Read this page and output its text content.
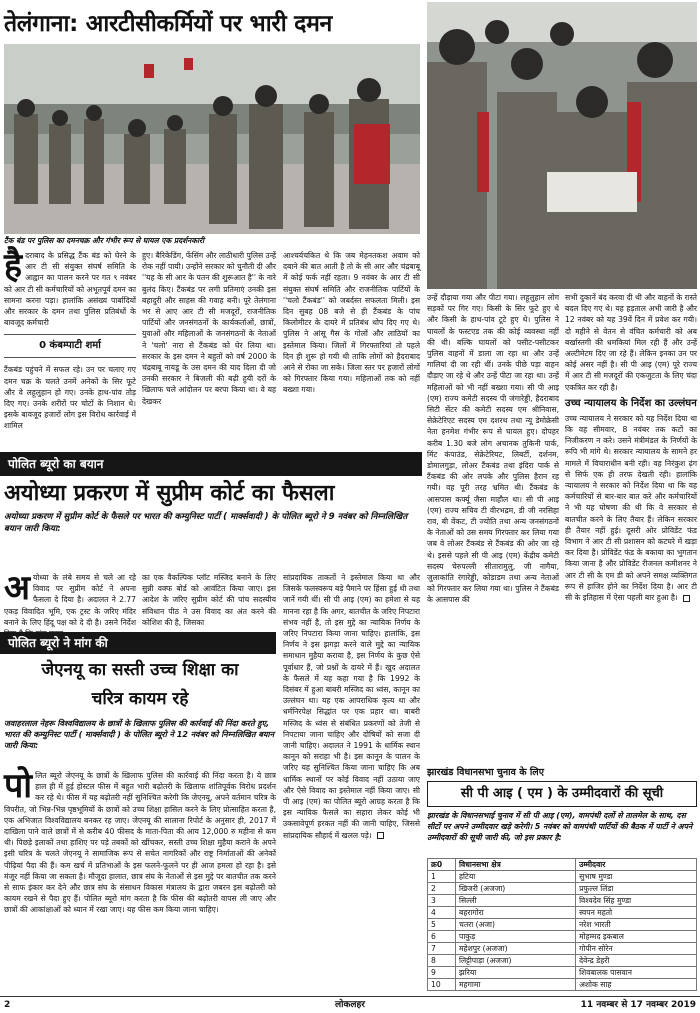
तेलंगाना: आरटीसीकर्मियों पर भारी दमन
टैंक बंड पर पुलिस का दमनचक्र और गंभीर रूप से घायल एक प्रदर्शनकारी
है दराबाद के प्रसिद्ध टैंक बंड को घेरने के आर टी सी संयुक्त संघर्ष समिति के आह्वान का पालन करने पर गत ९ नवंबर को आर टी सी कर्मचारियों को अभूतपूर्व दमन का सामना करना पड़ा। हालांकि असंख्य पार्बादियों और सरकार के दमन तथा पुलिस प्रतिबंधों के बावजूद कर्मचारी
0 कंबम्पाटी शर्मा
टैंकबंड पहुंचने में सफल रहे। उन पर चलाए गए दमन चक्र के चलते उनमें अनेकों के सिर फूटे और वे लहूलुहान हो गए। उनके हाथ-पांव तोड़ दिए गए। उनके शरीरों पर चोटों के निशान थे। इसके बावजूद हजारों लोग इस विरोध कार्रवाई में शामिल
हुए। बैरिकेडिंग, फेंसिंग और लाठीधारी पुलिस उन्हें रोक नहीं पायी। उन्होंने सरकार को चुनौती दी और ''यह के सी आर के पतन की शुरूआत है'' के नारे बुलंद किए। टैंकबंड पर लगी प्रतिमाएं उनकी इस बहादुरी और साहस की गवाह बनी। पूरे तेलंगाना भर से आए आर टी सी मजदूरों, राजनीतिक पार्टियों और जनसंगठनों के कार्यकर्ताओं, छात्रों, युवाओं और महिलाओं के जनसंगठनों के नेताओं ने 'चलो' नारा से टैंकबंड को घेर लिया था। सरकार के इस दमन ने बहुतों को वर्ष 2000 के चंद्रबाबू नायडू के उस दमन की याद दिला दी जो उनकी सरकार ने बिजली की बढ़ी हुयी दरों के खिलाफ चले आंदोलन पर बरपा किया था। वे यह देखकर
आश्चर्यचकित थे कि जब मेहनतकश अवाम को दबाने की बात आती है तो के सी आर और चंद्रबाबू में कोई फर्क नहीं रहता। 9 नवंबर के आर टी सी संयुक्त संघर्ष समिति और राजनीतिक पार्टियों के ''चलो टैंकबंड'' को जबर्दस्त सफलता मिली। इस दिन सुबह 08 बजे से ही टैंकबंड के पांच किलोमीटर के दायरे में प्रतिबंध थोप दिए गए थे। पुलिस ने आंसू गैस के गोलों और लाठियों का इस्तेमाल किया। जिलों में गिरफ्तारियां तो पहले दिन ही शुरू हो गयी थी ताकि लोगों को हैदराबाद आने से रोका जा सके। जिला स्तर पर हजारों लोगों को गिरफ्तार किया गया। महिलाओं तक को नहीं बख्शा गया।
उन्हें दौड़ाया गया और पीटा गया। लहूलुहान लोग सड़कों पर गिर गए। किसी के सिर फूटे हुए थे और किसी के हाथ-पांव टूटे हुए थे। पुलिस ने घायलों के फस्टएड तक की कोई व्यवस्था नहीं की थी। बल्कि घायलों को पसीट-पसीटकर पुलिस वाहनों में डाला जा रहा था और उन्हें गालियां दी जा रही थीं। उनके पीछे पड़ा वाहन दौड़ाए जा रहे थे और उन्हें पीटा जा रहा था। उन्हें महिलाओं को भी नहीं बख्शा गया। सी पी आइ (एम) राज्य कमेटी सदस्य पी जंगारेड्डी, हैदराबाद सिटी सेंटर की कमेटी सदस्य एम श्रीनिवास, सेक्रेटेरिएट सदस्य एम दशरथ तथा न्यू डेमोक्रेसी नेता हनमेश गंभीर रूप से घायल हुए। दोपहर करीब 1.30 बजे लोग अचानक तुकिनी पार्क, मिंट कंपाउंड, सेक्रेटेरियट, लिबर्टी, दर्शनम, डोमालगुड़ा, लोअर टैंकबंड तथा इंदिरा पार्क से टैंकबंड की ओर लपके और पुलिस हैरान रह गयी। वह पूरी तरह भ्रमित थी। टैंकबंड के आसपास कर्फ्यू जैसा माहौल था। सी पी आइ (एम) राज्य सचिव टी वीरभद्रम, डी जी नरसिहा राव, बी वेंकट, टी ज्योति तथा अन्य जनसंगठनों के नेताओं को उस समय गिरफ्तार कर लिया गया जब वे लोअर टैंकबंड से टैंकबंड की ओर जा रहे थे। इससे पहले सी पी आइ (एम) केंद्रीय कमेटी सदस्य चेरुपल्ली सीतारामुलु, जी नागैया, जुलाकांति रंगारेड्डी, कोडाडम तथा अन्य नेताओं को गिरफ्तार कर लिया गया था। पुलिस ने टैंकबंड के आसपास की
सभी दुकानें बंद करवा दी थी और वाहनों के रास्ते बदल दिए गए थे। यह हड़ताल अभी जारी है और 12 नवंबर को यह 39वें दिन में प्रवेश कर गयी। दो महीने से वेतन से वंचित कर्मचारी को अब बर्खास्तगी की धमकियां मिल रही हैं और उन्हें अल्टीमेटम दिए जा रहे हैं। लेकिन इनका उन पर कोई असर नहीं है। सी पी आइ (एम) पूरे राज्य में आर टी सी मजदूरों की एकजुटता के लिए चंदा एकत्रित कर रही है।
उच्च न्यायालय के निर्देश का उल्लंघन
उच्च न्यायालय ने सरकार को यह निर्देश दिया था कि वह सीमवार, 8 नवंबर तक कटों का निजीकरण न करे। उसने मंत्रीमंडल के निर्णयों के रूपि भी मांगे थे। सरकार न्यायालय के सामने हर मामले में विचाराधीन बनी रही। वह निरंकुश ढ़ंग से सिर्फ एक ही तरफ देखती रही। हालांकि न्यायालय ने सरकार को निर्देश दिया था कि वह कर्मचारियों से बार-बार बात करे और कर्मचारियों ने भी यह घोषणा की थी कि वे सरकार से बातचीत करने के लिए तैयार हैं। लेकिन सरकार ही तैयार नहीं हुई। दूसरी ओर प्रोविडेंट फंड विभाग ने आर टी सी प्रशासन को कटघरे में खड़ा कर दिया है। प्रोविडेंट फंड के बकाया का भुगतान किया जाना है और प्रोविडेंट रीजनल कमीशनर ने आर टी सी के एम डी को अपने समक्ष व्यक्तिगत रूप से हाजिर होने का निर्देश दिया है। आर टी सी के इतिहास में ऐसा पहली बार हुआ है।
पोलित ब्यूरो का बयान
अयोध्या प्रकरण में सुप्रीम कोर्ट का फैसला
अयोध्या प्रकरण में सुप्रीम कोर्ट के फैसले पर भारत की कम्युनिस्ट पार्टी ( मार्क्सवादी ) के पोलित ब्यूरो ने 9 नवंबर को निम्नलिखित बयान जारी किया:
अ योध्या के लंबे समय से चले आ रहे विवाद पर सुप्रीम कोर्ट ने अपना फैसला दे दिया है। अदालत ने 2.77 एकड़ विवादित भूमि, एक ट्रस्ट के जरिए मंदिर बनाने के लिए हिंदू पक्ष को दे दी है। उसने निर्देश
का एक वैकल्पिक प्लॉट मस्जिद बनाने के लिए सुन्नी वक्फ बोर्ड को आवंटित किया जाए। इस आदेश के जरिए सुप्रीम कोर्ट की पांच सदस्यीय संविधान पीठ ने उस विवाद का अंत करने की कोशिश की है, जिसका
सांप्रदायिक ताकतों ने इस्तेमाल किया था और जिसके फलस्वरूप बड़े पैमाने पर हिंसा हुई थी तथा जानें गयी थीं। सी पी आइ (एम) का हमेशा से यह मानना रहा है कि अगर, बातचीत के जरिए निपटारा संभव नहीं है, तो इस मुद्दे का न्यायिक निर्णय के जरिए निपटारा किया जाना चाहिए। हालांकि, इस निर्णय ने इस झगड़ा करने वाले मुद्दे का न्यायिक समाधान मुहैया कराया है, इस निर्णय के कुछ ऐसे पूर्वाधार हैं, जो प्रश्नों के दायरे में हैं। खुद अदालत के फैसले में यह कहा गया है कि 1992 के दिसंबर में हुआ बाबरी मस्जिद का ध्वंस, कानून का उल्लंघन था। यह एक आपराधिक कृत्य था और धर्मनिरपेक्ष सिद्धांत पर एक प्रहार था। बाबरी मस्जिद के ध्वंस से संबंधित प्रकरणों को तेजी से निपटाया जाना चाहिए और दोषियों को सजा दी जानी चाहिए। अदालत ने 1991 के धार्मिक स्थान कानून को सराहा भी है। इस कानून के पालन के जरिए यह सुनिश्चित किया जाना चाहिए कि अब धार्मिक स्थानों पर कोई विवाद नहीं उठाया जाए और ऐसे विवाद का इस्तेमाल नहीं किया जाए। सी पी आइ (एम) का पोलित ब्यूरो आग्रह करता है कि इस न्यायिक फैसले का सहारा लेकर कोई भी उकसावेपूर्ण हरकत नहीं की जानी चाहिए, जिससे सांप्रदायिक सौहार्द में खलल पड़े।
पोलित ब्यूरो ने मांग की
जेएनयू का सस्ती उच्च शिक्षा का
चरित्र कायम रहे
जवाहरलाल नेहरू विश्वविद्यालय के छात्रों के खिलाफ पुलिस की कार्रवाई की निंदा करते हुए, भारत की कम्युनिस्ट पार्टी ( मार्क्सवादी ) के पोलित ब्यूरो ने 12 नवंबर को निम्नलिखित बयान जारी किया:
पो लित ब्यूरो जेएनयू के छात्रों के खिलाफ पुलिस की कार्रवाई की निंदा करता है। ये छात्र हाल ही में हुई होस्टल फीस में बहुत भारी बढ़ोतरी के खिलाफ शांतिपूर्वक विरोध प्रदर्शन कर रहे थे। फीस में यह बढ़ोतरी नहीं सुनिश्चित करेगी कि जेएनयू, अपने वर्तमान चरित्र के विपरीत, जो भिन्न-भिन्न पृष्ठभूमियों के छात्रों को उच्च शिक्षा हासिल करने के लिए प्रोत्साहित करता है, एक अभिजात विश्वविद्यालय बनकर रह जाए। जेएनयू की सालाना रिपोर्ट के अनुसार ही, 2017 में दाखिला पाने वाले छात्रों में से करीब 40 फीसद के माता-पिता की आय 12,000 रु महीना से कम थी। पिछड़े इलाकों तथा हाशिए पर पड़े तबकों को खींचकर, सस्ती उच्च शिक्षा मुहैया कराने के अपने इसी चरित्र के चलते जेएनयू ने सामाजिक रूप से सचेत नागरिकों और राष्ट्र निर्माताओं की अनेकों पीढ़ियां पैदा की हैं। कम खर्च में प्रतिभाओं के इस फलने-फूलने पर ही आज हमला हो रहा है। इसे मंजूर नहीं किया जा सकता है। मौजूदा हालात, छात्र संघ के नेताओं से इस मुद्दे पर बातचीत तक करने से साफ इंकार कर देने और छात्र संघ के संसाधन विकास मंत्रालय के द्वारा जबरन इस बढ़ोतरी को कायम रखने से पैदा हुए हैं। पोलित ब्यूरो मांग करता है कि फीस की बढ़ोतरी वापस ली जाए और छात्रों की आकांक्षाओं को ध्यान में रखा जाए। यह फीस कम किया जाना चाहिए।
झारखंड विधानसभा चुनाव के लिए
सी पी आइ ( एम ) के उम्मीदवारों की सूची
झारखंड के विधानसभाई चुनाव में सी पी आइ (एम), वामपंथी दलों से तालमेल के साथ, दस सीटों पर अपने उम्मीदवार खड़े करेगी। 5 नवंबर को वामपंथी पार्टियों की बैठक में पार्टी ने अपने उम्मीदवारों की सूची जारी की, जो इस प्रकार है:
क्र0	विधानसभा क्षेत्र	उम्मीदवार
1	हटिया	सुभाष मुण्डा
2	खिजरी (अजजा)	प्रफुल्ल लिंडा
3	सिल्ली	विश्वदेव सिंह मुण्डा
4	बहरागोरा	स्वपन महतो
5	चतरा (अजा)	नरेश भारती
6	पाकुड़	मोहम्मद इकबाल
7	महेशपुर (अजजा)	गोपीन सोरेन
8	लिट्टीपाड़ा (अजजा)	देवेन्द्र डेहरी
9	झरिया	शिवबालक पासवान
10	महगामा	अशोक साह
2	लोकलहर	11 नवम्बर से 17 नवम्बर 2019
